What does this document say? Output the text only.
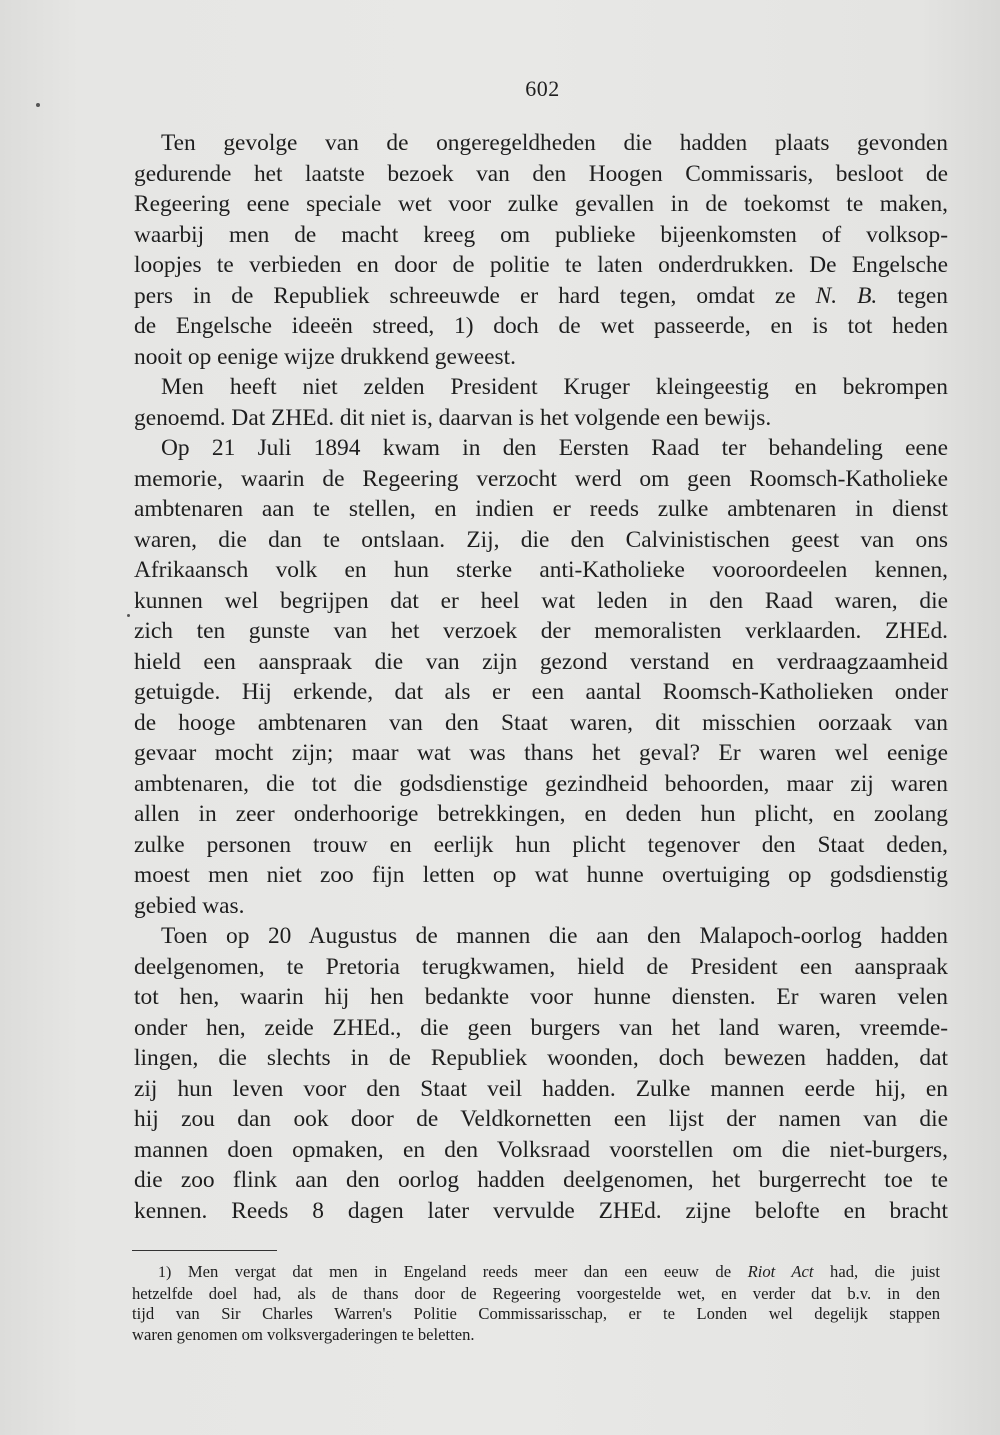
602

Ten gevolge van de ongeregeldheden die hadden plaats gevonden
gedurende het laatste bezoek van den Hoogen Commissaris, besloot de
Regeering eene speciale wet voor zulke gevallen in de toekomst te maken,
waarbij men de macht kreeg om publieke bijeenkomsten of volksop-
loopjes te verbieden en door de politie te laten onderdrukken. De Engelsche
pers in de Republiek schreeuwde er hard tegen, omdat ze N. B. tegen
de Engelsche ideeën streed, 1) doch de wet passeerde, en is tot heden
nooit op eenige wijze drukkend geweest.

Men heeft niet zelden President Kruger kleingeestig en bekrompen
genoemd. Dat ZHEd. dit niet is, daarvan is het volgende een bewijs.

Op 21 Juli 1894 kwam in den Eersten Raad ter behandeling eene
memorie, waarin de Regeering verzocht werd om geen Roomsch-Katholieke
ambtenaren aan te stellen, en indien er reeds zulke ambtenaren in dienst
waren, die dan te ontslaan. Zij, die den Calvinistischen geest van ons
Afrikaansch volk en hun sterke anti-Katholieke vooroordeelen kennen,
kunnen wel begrijpen dat er heel wat leden in den Raad waren, die
zich ten gunste van het verzoek der memoralisten verklaarden. ZHEd.
hield een aanspraak die van zijn gezond verstand en verdraagzaamheid
getuigde. Hij erkende, dat als er een aantal Roomsch-Katholieken onder
de hooge ambtenaren van den Staat waren, dit misschien oorzaak van
gevaar mocht zijn; maar wat was thans het geval? Er waren wel eenige
ambtenaren, die tot die godsdienstige gezindheid behoorden, maar zij waren
allen in zeer onderhoorige betrekkingen, en deden hun plicht, en zoolang
zulke personen trouw en eerlijk hun plicht tegenover den Staat deden,
moest men niet zoo fijn letten op wat hunne overtuiging op godsdienstig
gebied was.

Toen op 20 Augustus de mannen die aan den Malapoch-oorlog hadden
deelgenomen, te Pretoria terugkwamen, hield de President een aanspraak
tot hen, waarin hij hen bedankte voor hunne diensten. Er waren velen
onder hen, zeide ZHEd., die geen burgers van het land waren, vreemde-
lingen, die slechts in de Republiek woonden, doch bewezen hadden, dat
zij hun leven voor den Staat veil hadden. Zulke mannen eerde hij, en
hij zou dan ook door de Veldkornetten een lijst der namen van die
mannen doen opmaken, en den Volksraad voorstellen om die niet-burgers,
die zoo flink aan den oorlog hadden deelgenomen, het burgerrecht toe te
kennen. Reeds 8 dagen later vervulde ZHEd. zijne belofte en bracht

1) Men vergat dat men in Engeland reeds meer dan een eeuw de Riot Act had, die juist
hetzelfde doel had, als de thans door de Regeering voorgestelde wet, en verder dat b.v. in den
tijd van Sir Charles Warren's Politie Commissarisschap, er te Londen wel degelijk stappen
waren genomen om volksvergaderingen te beletten.
